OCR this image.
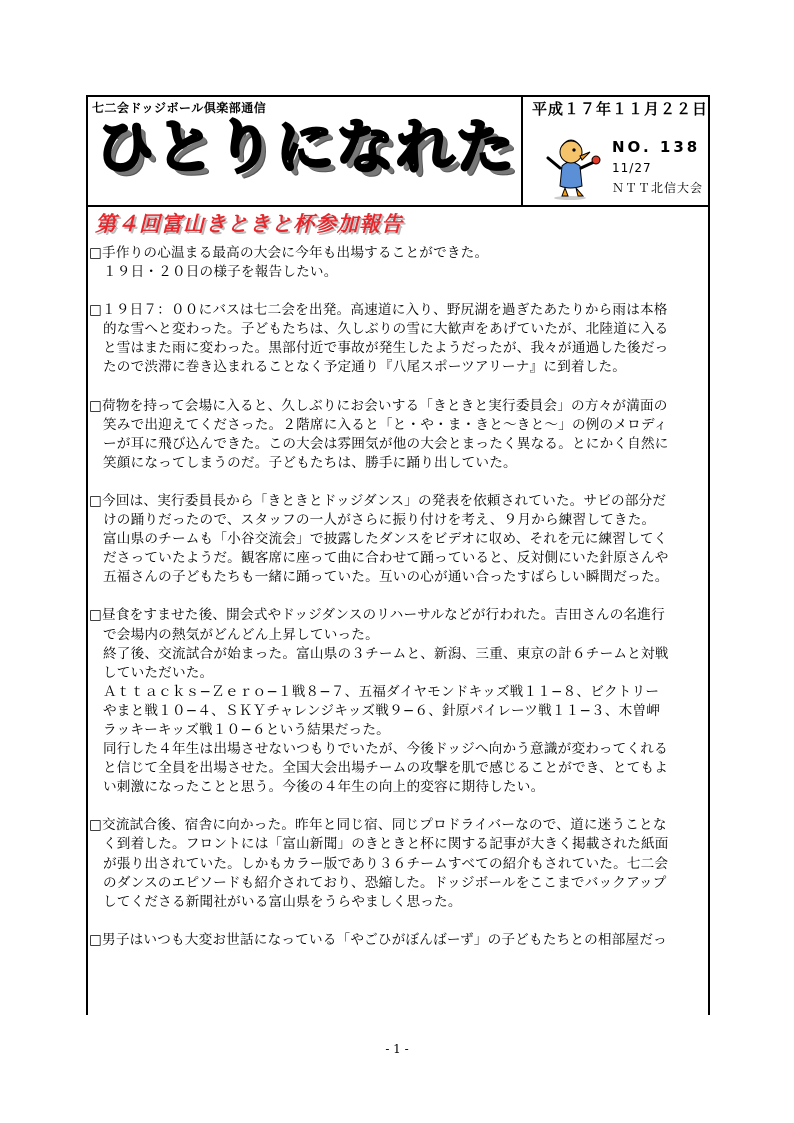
七二会ドッジボール倶楽部通信
ひとりになれた
平成１７年１１月２２日
NO. 138
11/27
ＮＴＴ北信大会
第４回富山きときと杯参加報告
□手作りの心温まる最高の大会に今年も出場することができた。
１９日・２０日の様子を報告したい。
□１９日７：００にバスは七二会を出発。高速道に入り、野尻湖を過ぎたあたりから雨は本格
的な雪へと変わった。子どもたちは、久しぶりの雪に大歓声をあげていたが、北陸道に入る
と雪はまた雨に変わった。黒部付近で事故が発生したようだったが、我々が通過した後だっ
たので渋滞に巻き込まれることなく予定通り『八尾スポーツアリーナ』に到着した。
□荷物を持って会場に入ると、久しぶりにお会いする「きときと実行委員会」の方々が満面の
笑みで出迎えてくださった。２階席に入ると「と・や・ま・きと〜きと〜」の例のメロディ
ーが耳に飛び込んできた。この大会は雰囲気が他の大会とまったく異なる。とにかく自然に
笑顔になってしまうのだ。子どもたちは、勝手に踊り出していた。
□今回は、実行委員長から「きときとドッジダンス」の発表を依頼されていた。サビの部分だ
けの踊りだったので、スタッフの一人がさらに振り付けを考え、９月から練習してきた。
富山県のチームも「小谷交流会」で披露したダンスをビデオに収め、それを元に練習してく
ださっていたようだ。観客席に座って曲に合わせて踊っていると、反対側にいた針原さんや
五福さんの子どもたちも一緒に踊っていた。互いの心が通い合ったすばらしい瞬間だった。
□昼食をすませた後、開会式やドッジダンスのリハーサルなどが行われた。吉田さんの名進行
で会場内の熱気がどんどん上昇していった。
終了後、交流試合が始まった。富山県の３チームと、新潟、三重、東京の計６チームと対戦
していただいた。
Ａｔｔａｃｋｓ−Ｚｅｒｏ−１戦８−７、五福ダイヤモンドキッズ戦１１−８、ビクトリー
やまと戦１０−４、ＳＫＹチャレンジキッズ戦９−６、針原パイレーツ戦１１−３、木曽岬
ラッキーキッズ戦１０−６という結果だった。
同行した４年生は出場させないつもりでいたが、今後ドッジへ向かう意識が変わってくれる
と信じて全員を出場させた。全国大会出場チームの攻撃を肌で感じることができ、とてもよ
い刺激になったことと思う。今後の４年生の向上的変容に期待したい。
□交流試合後、宿舎に向かった。昨年と同じ宿、同じプロドライバーなので、道に迷うことな
く到着した。フロントには「富山新聞」のきときと杯に関する記事が大きく掲載された紙面
が張り出されていた。しかもカラー版であり３６チームすべての紹介もされていた。七二会
のダンスのエピソードも紹介されており、恐縮した。ドッジボールをここまでバックアップ
してくださる新聞社がいる富山県をうらやましく思った。
□男子はいつも大変お世話になっている「やごひがぼんばーず」の子どもたちとの相部屋だっ
- 1 -
